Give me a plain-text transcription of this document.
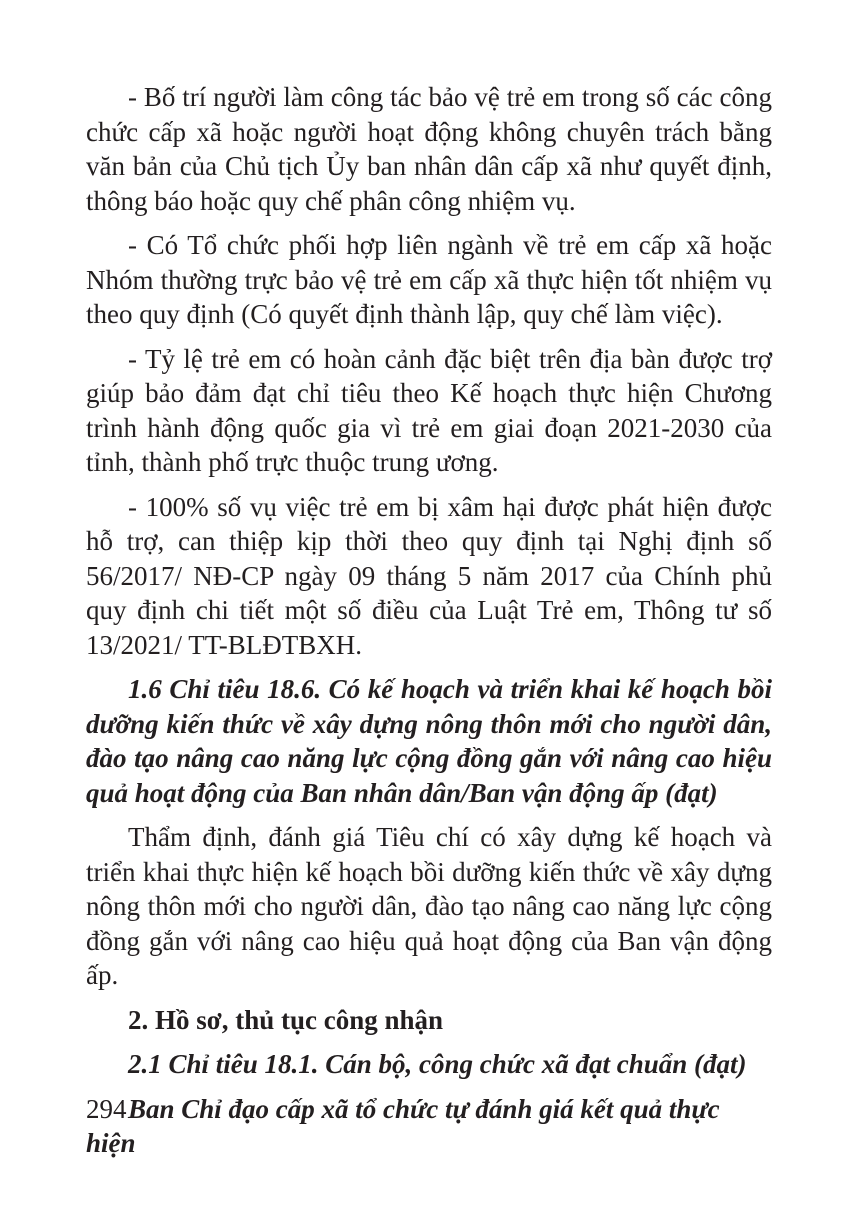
- Bố trí người làm công tác bảo vệ trẻ em trong số các công chức cấp xã hoặc người hoạt động không chuyên trách bằng văn bản của Chủ tịch Ủy ban nhân dân cấp xã như quyết định, thông báo hoặc quy chế phân công nhiệm vụ.

- Có Tổ chức phối hợp liên ngành về trẻ em cấp xã hoặc Nhóm thường trực bảo vệ trẻ em cấp xã thực hiện tốt nhiệm vụ theo quy định (Có quyết định thành lập, quy chế làm việc).

- Tỷ lệ trẻ em có hoàn cảnh đặc biệt trên địa bàn được trợ giúp bảo đảm đạt chỉ tiêu theo Kế hoạch thực hiện Chương trình hành động quốc gia vì trẻ em giai đoạn 2021-2030 của tỉnh, thành phố trực thuộc trung ương.

- 100% số vụ việc trẻ em bị xâm hại được phát hiện được hỗ trợ, can thiệp kịp thời theo quy định tại Nghị định số 56/2017/ NĐ-CP ngày 09 tháng 5 năm 2017 của Chính phủ quy định chi tiết một số điều của Luật Trẻ em, Thông tư số 13/2021/ TT-BLĐTBXH.

1.6 Chỉ tiêu 18.6. Có kế hoạch và triển khai kế hoạch bồi dưỡng kiến thức về xây dựng nông thôn mới cho người dân, đào tạo nâng cao năng lực cộng đồng gắn với nâng cao hiệu quả hoạt động của Ban nhân dân/Ban vận động ấp (đạt)

Thẩm định, đánh giá Tiêu chí có xây dựng kế hoạch và triển khai thực hiện kế hoạch bồi dưỡng kiến thức về xây dựng nông thôn mới cho người dân, đào tạo nâng cao năng lực cộng đồng gắn với nâng cao hiệu quả hoạt động của Ban vận động ấp.

2. Hồ sơ, thủ tục công nhận

2.1 Chỉ tiêu 18.1. Cán bộ, công chức xã đạt chuẩn (đạt)

Ban Chỉ đạo cấp xã tổ chức tự đánh giá kết quả thực hiện

294
